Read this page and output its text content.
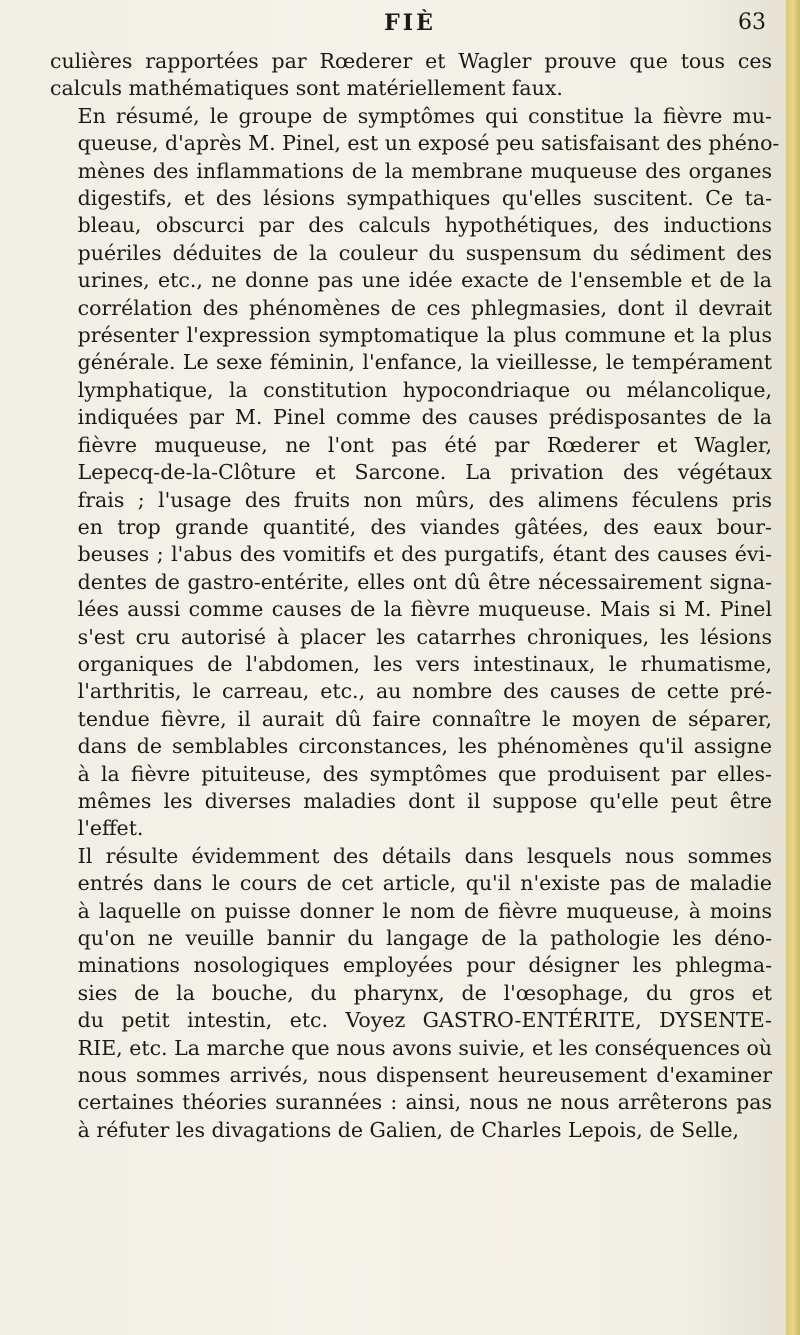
FIÈ	63

culières rapportées par Rœderer et Wagler prouve que tous ces
calculs mathématiques sont matériellement faux.

En résumé, le groupe de symptômes qui constitue la fièvre mu-
queuse, d'après M. Pinel, est un exposé peu satisfaisant des phéno-
mènes des inflammations de la membrane muqueuse des organes
digestifs, et des lésions sympathiques qu'elles suscitent. Ce ta-
bleau, obscurci par des calculs hypothétiques, des inductions
puériles déduites de la couleur du suspensum du sédiment des
urines, etc., ne donne pas une idée exacte de l'ensemble et de la
corrélation des phénomènes de ces phlegmasies, dont il devrait
présenter l'expression symptomatique la plus commune et la plus
générale. Le sexe féminin, l'enfance, la vieillesse, le tempérament
lymphatique, la constitution hypocondriaque ou mélancolique,
indiquées par M. Pinel comme des causes prédisposantes de la
fièvre muqueuse, ne l'ont pas été par Rœderer et Wagler,
Lepecq-de-la-Clôture et Sarcone. La privation des végétaux
frais ; l'usage des fruits non mûrs, des alimens féculens pris
en trop grande quantité, des viandes gâtées, des eaux bour-
beuses ; l'abus des vomitifs et des purgatifs, étant des causes évi-
dentes de gastro-entérite, elles ont dû être nécessairement signa-
lées aussi comme causes de la fièvre muqueuse. Mais si M. Pinel
s'est cru autorisé à placer les catarrhes chroniques, les lésions
organiques de l'abdomen, les vers intestinaux, le rhumatisme,
l'arthritis, le carreau, etc., au nombre des causes de cette pré-
tendue fièvre, il aurait dû faire connaître le moyen de séparer,
dans de semblables circonstances, les phénomènes qu'il assigne
à la fièvre pituiteuse, des symptômes que produisent par elles-
mêmes les diverses maladies dont il suppose qu'elle peut être
l'effet.

Il résulte évidemment des détails dans lesquels nous sommes
entrés dans le cours de cet article, qu'il n'existe pas de maladie
à laquelle on puisse donner le nom de fièvre muqueuse, à moins
qu'on ne veuille bannir du langage de la pathologie les déno-
minations nosologiques employées pour désigner les phlegma-
sies de la bouche, du pharynx, de l'œsophage, du gros et
du petit intestin, etc. Voyez GASTRO-ENTÉRITE, DYSENTE-
RIE, etc. La marche que nous avons suivie, et les conséquences où
nous sommes arrivés, nous dispensent heureusement d'examiner
certaines théories surannées : ainsi, nous ne nous arrêterons pas
à réfuter les divagations de Galien, de Charles Lepois, de Selle,
